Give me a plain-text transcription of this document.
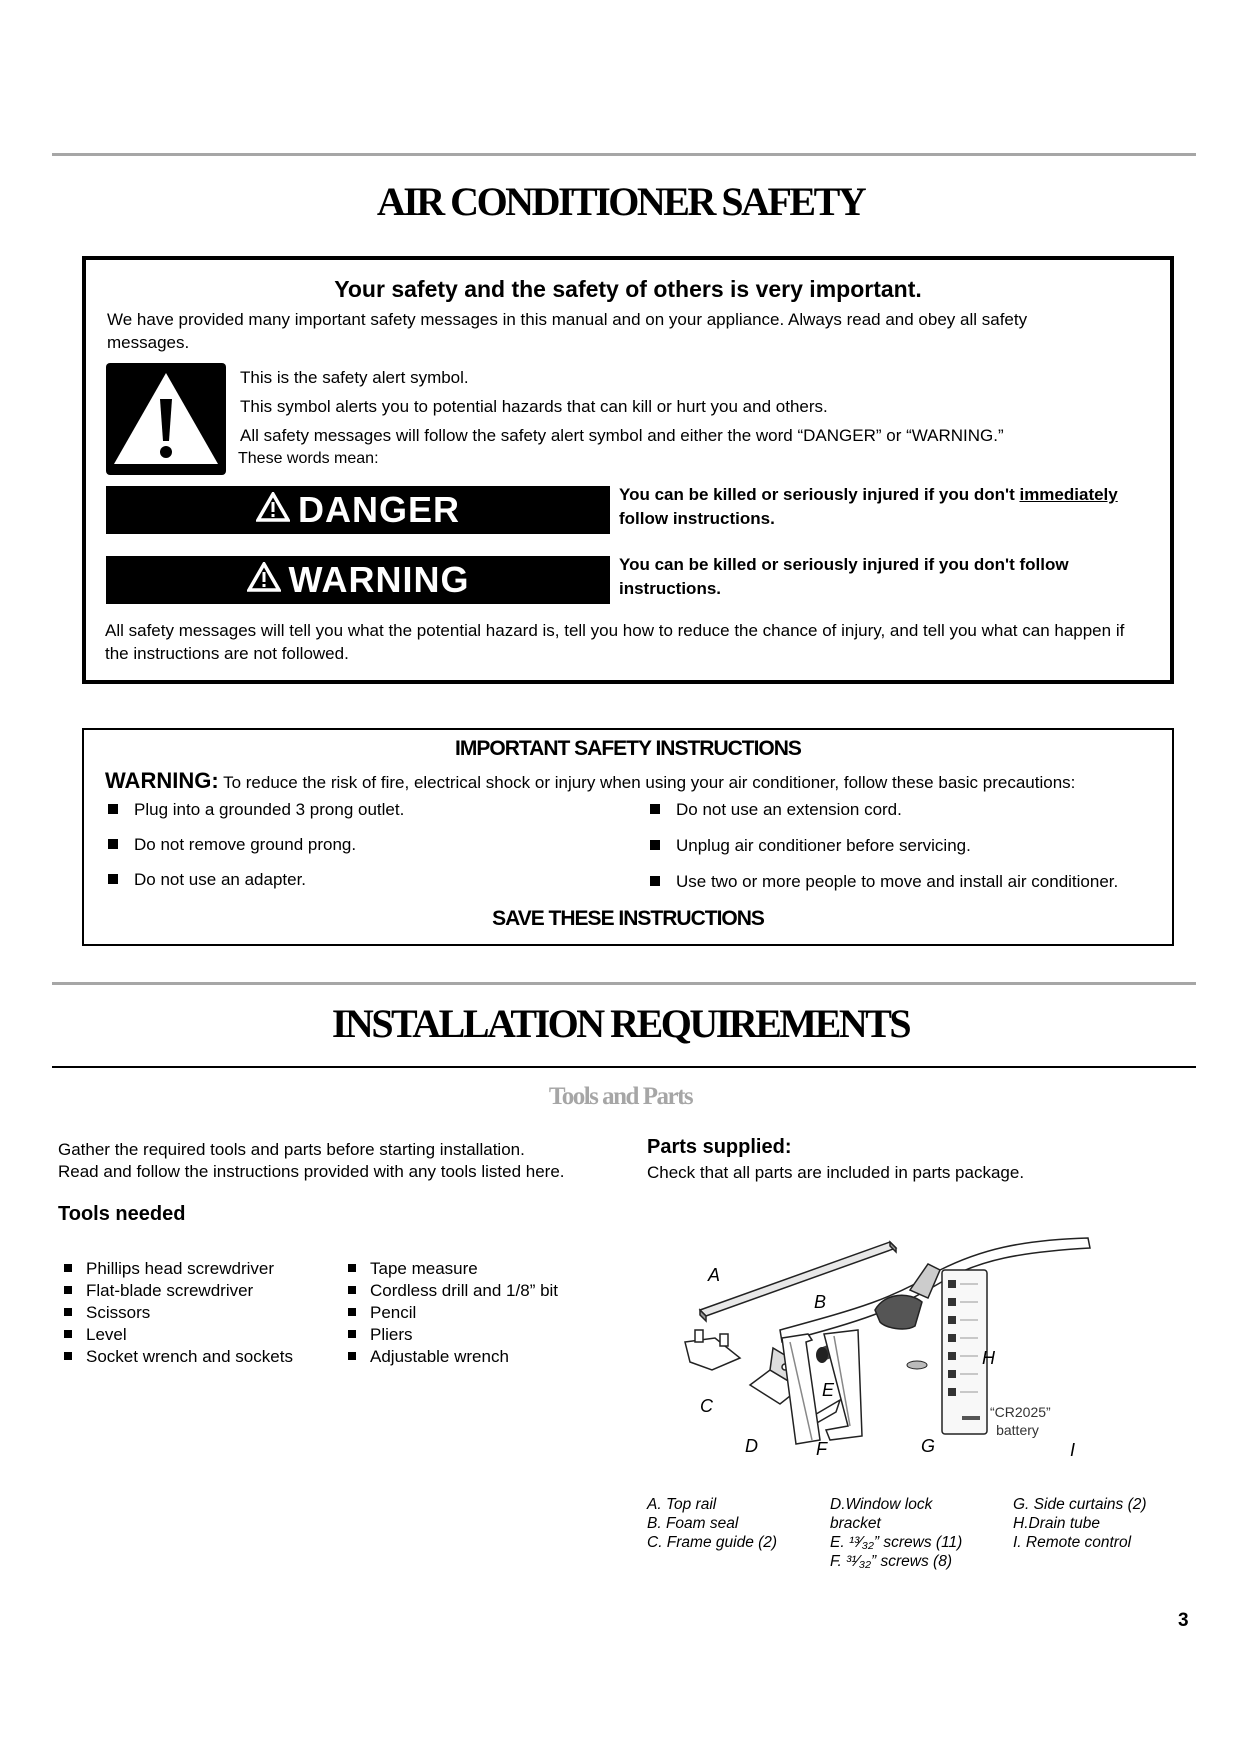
AIR CONDITIONER SAFETY
Your safety and the safety of others is very important.
We have provided many important safety messages in this manual and on your appliance. Always read and obey all safety messages.
This is the safety alert symbol.
This symbol alerts you to potential hazards that can kill or hurt you and others.
All safety messages will follow the safety alert symbol and either the word “DANGER” or “WARNING.”
These words mean:
DANGER	You can be killed or seriously injured if you don't immediately
follow instructions.
WARNING	You can be killed or seriously injured if you don't follow instructions.
All safety messages will tell you what the potential hazard is, tell you how to reduce the chance of injury, and tell you what can happen if the instructions are not followed.
IMPORTANT SAFETY INSTRUCTIONS
WARNING: To reduce the risk of fire, electrical shock or injury when using your air conditioner, follow these basic precautions:
Plug into a grounded 3 prong outlet.
Do not remove ground prong.
Do not use an adapter.
Do not use an extension cord.
Unplug air conditioner before servicing.
Use two or more people to move and install air conditioner.
SAVE THESE INSTRUCTIONS
INSTALLATION REQUIREMENTS
Tools and Parts
Gather the required tools and parts before starting installation.
Read and follow the instructions provided with any tools listed here.
Tools needed
Phillips head screwdriver
Flat-blade screwdriver
Scissors
Level
Socket wrench and sockets
Tape measure
Cordless drill and 1/8” bit
Pencil
Pliers
Adjustable wrench
Parts supplied:
Check that all parts are included in parts package.
A
B
C
D
E
F	G
H
I
“CR2025”
battery
A. Top rail
B. Foam seal
C. Frame guide (2)
D.Window lock
bracket
E. ¹³⁄₃₂” screws (11)
F. ³¹⁄₃₂” screws (8)
G. Side curtains (2)
H.Drain tube
I. Remote control
3
